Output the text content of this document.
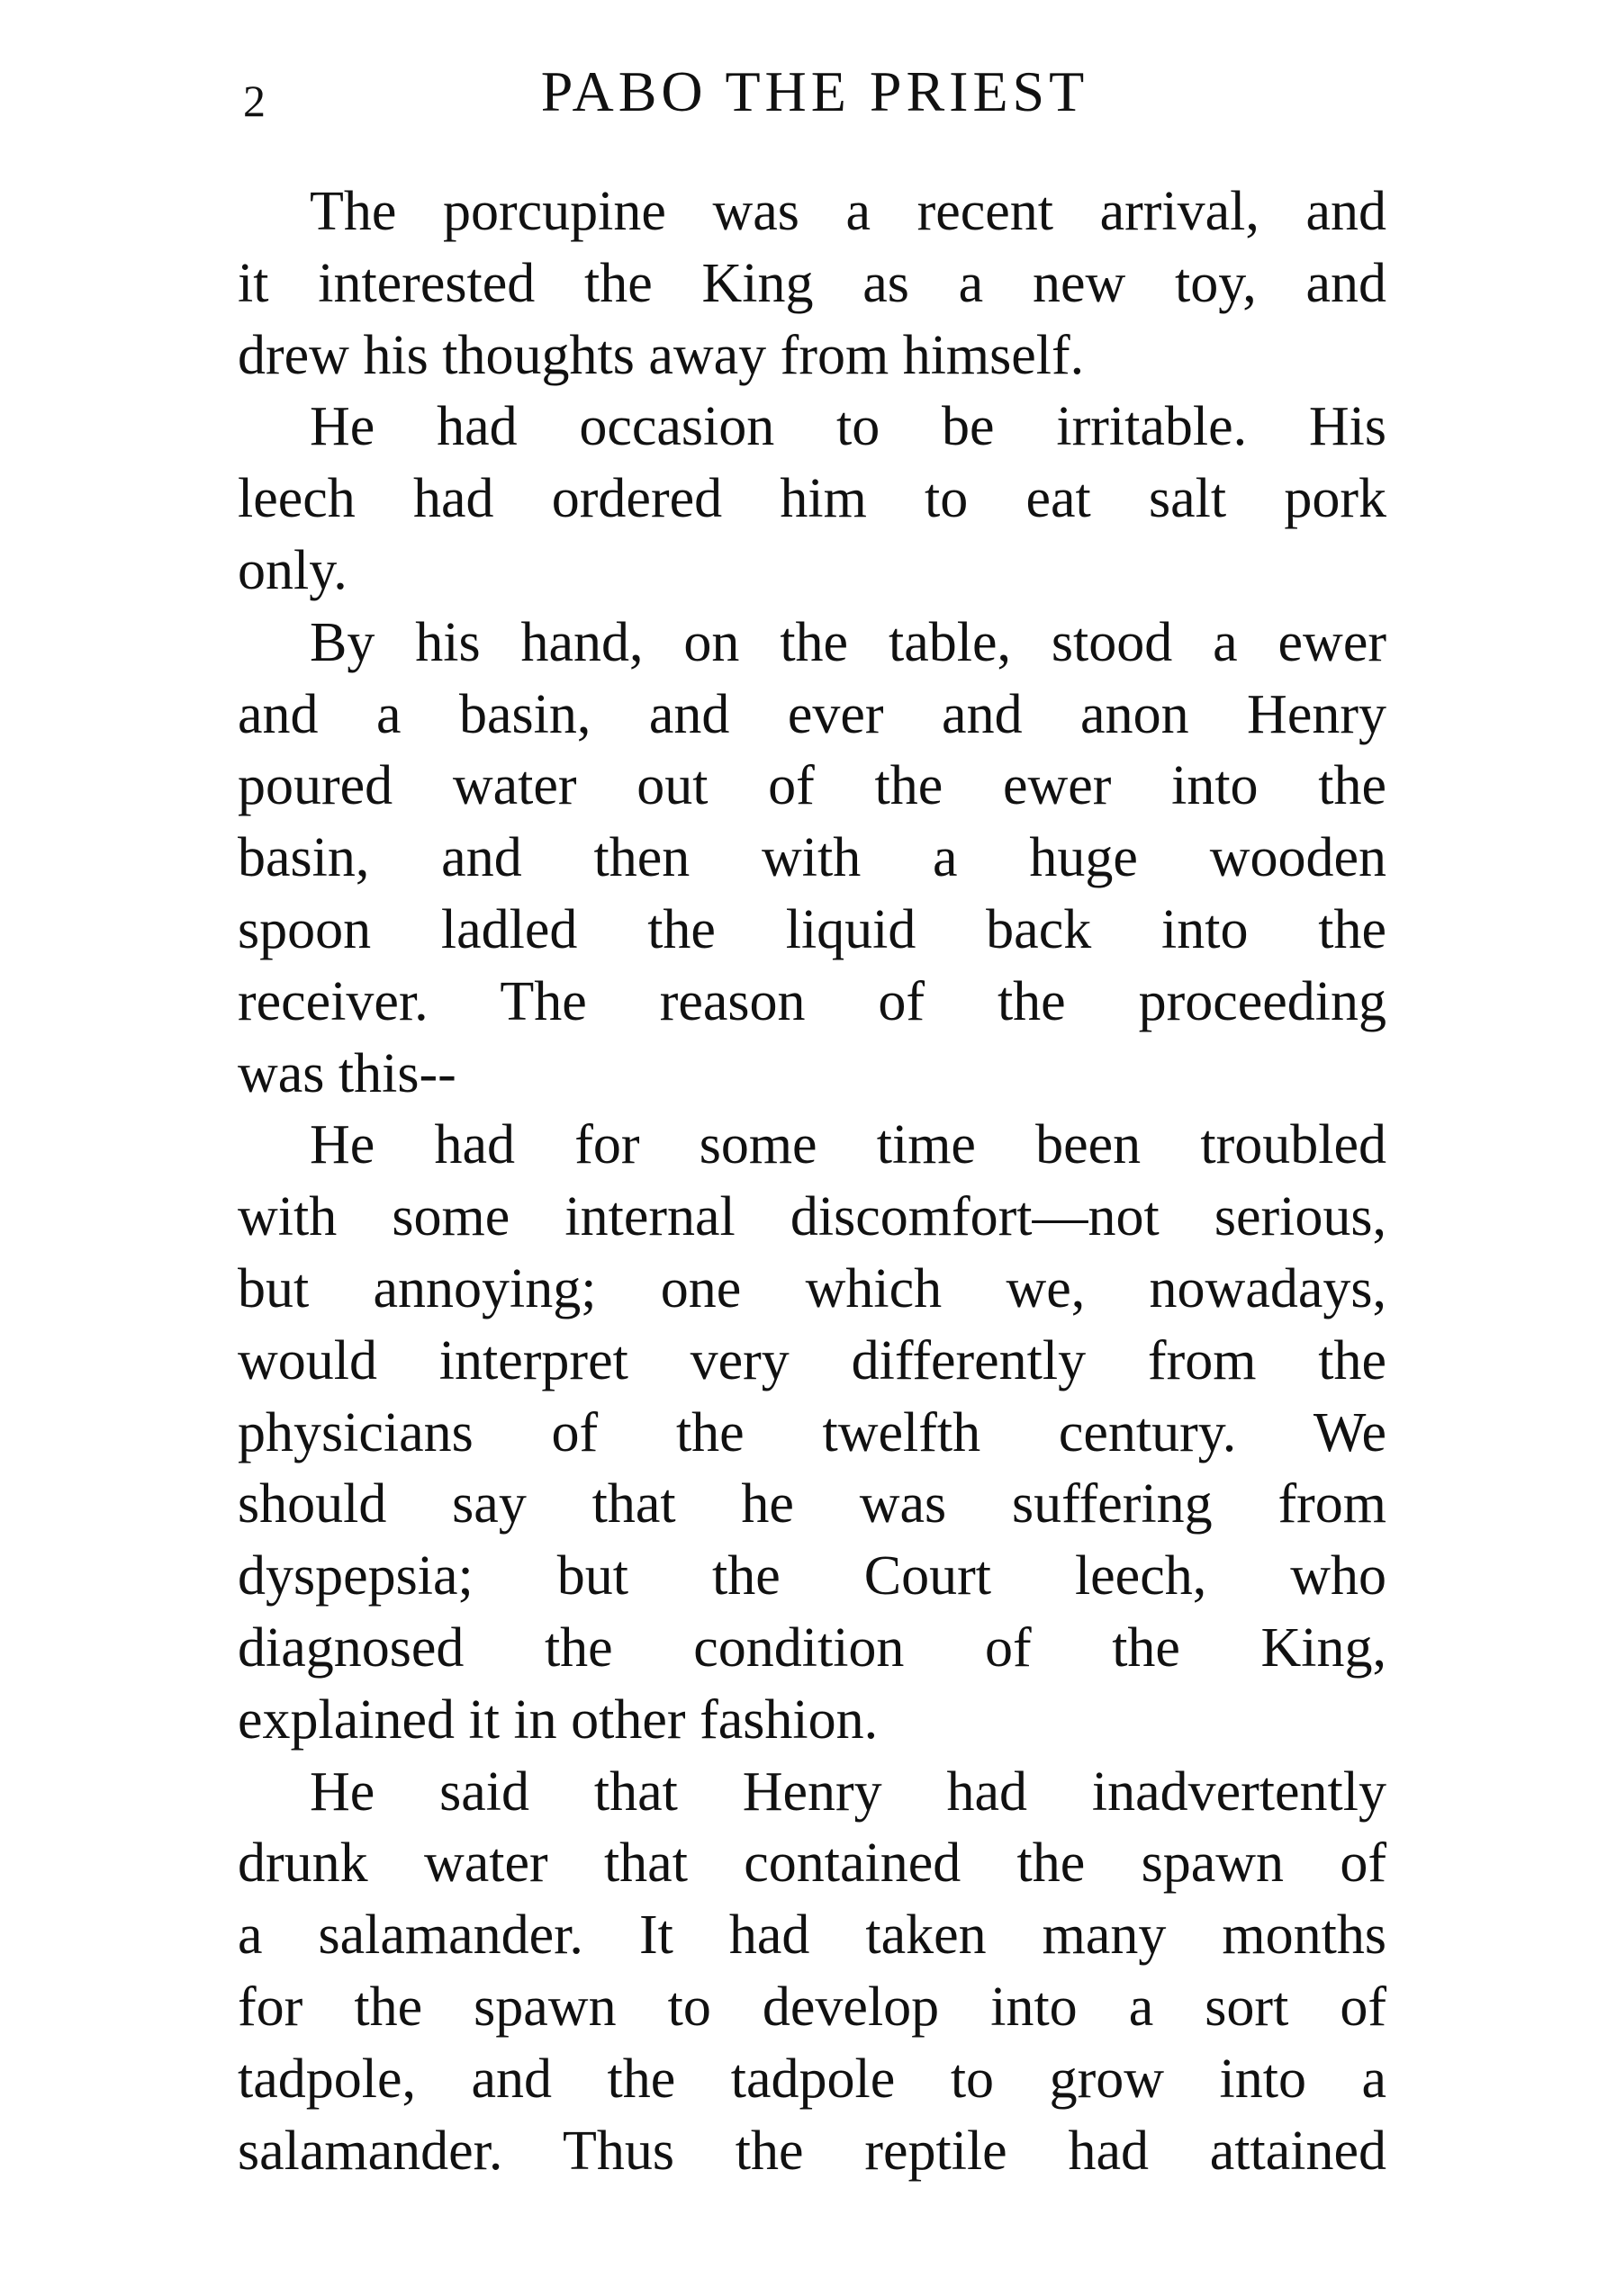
2	PABO THE PRIEST

The porcupine was a recent arrival, and
it interested the King as a new toy, and
drew his thoughts away from himself.

He had occasion to be irritable. His
leech had ordered him to eat salt pork
only.

By his hand, on the table, stood a ewer
and a basin, and ever and anon Henry
poured water out of the ewer into the
basin, and then with a huge wooden
spoon ladled the liquid back into the
receiver. The reason of the proceeding
was this--

He had for some time been troubled
with some internal discomfort—not serious,
but annoying; one which we, nowadays,
would interpret very differently from the
physicians of the twelfth century. We
should say that he was suffering from
dyspepsia; but the Court leech, who
diagnosed the condition of the King,
explained it in other fashion.

He said that Henry had inadvertently
drunk water that contained the spawn of
a salamander. It had taken many months
for the spawn to develop into a sort of
tadpole, and the tadpole to grow into a
salamander. Thus the reptile had attained
